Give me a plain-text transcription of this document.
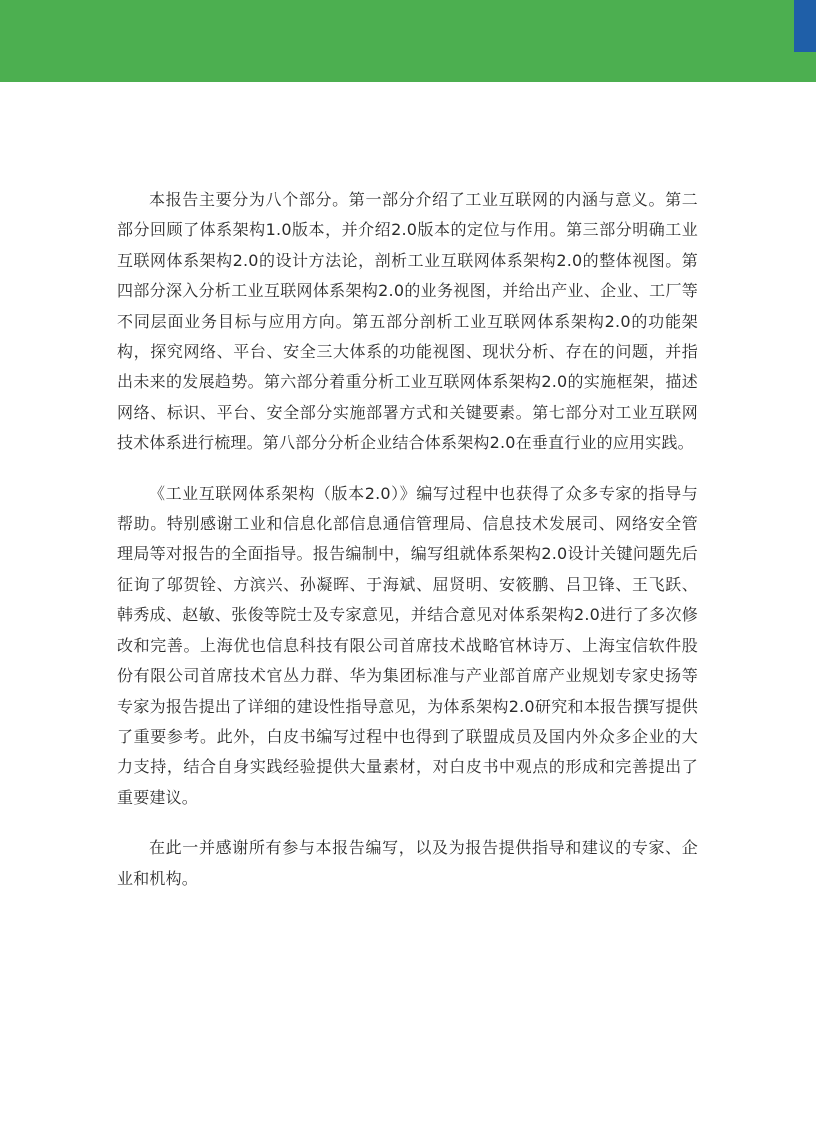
本报告主要分为八个部分。第一部分介绍了工业互联网的内涵与意义。第二部分回顾了体系架构1.0版本，并介绍2.0版本的定位与作用。第三部分明确工业互联网体系架构2.0的设计方法论，剖析工业互联网体系架构2.0的整体视图。第四部分深入分析工业互联网体系架构2.0的业务视图，并给出产业、企业、工厂等不同层面业务目标与应用方向。第五部分剖析工业互联网体系架构2.0的功能架构，探究网络、平台、安全三大体系的功能视图、现状分析、存在的问题，并指出未来的发展趋势。第六部分着重分析工业互联网体系架构2.0的实施框架，描述网络、标识、平台、安全部分实施部署方式和关键要素。第七部分对工业互联网技术体系进行梳理。第八部分分析企业结合体系架构2.0在垂直行业的应用实践。

《工业互联网体系架构（版本2.0）》编写过程中也获得了众多专家的指导与帮助。特别感谢工业和信息化部信息通信管理局、信息技术发展司、网络安全管理局等对报告的全面指导。报告编制中，编写组就体系架构2.0设计关键问题先后征询了邬贺铨、方滨兴、孙凝晖、于海斌、屈贤明、安筱鹏、吕卫锋、王飞跃、韩秀成、赵敏、张俊等院士及专家意见，并结合意见对体系架构2.0进行了多次修改和完善。上海优也信息科技有限公司首席技术战略官林诗万、上海宝信软件股份有限公司首席技术官丛力群、华为集团标准与产业部首席产业规划专家史扬等专家为报告提出了详细的建设性指导意见，为体系架构2.0研究和本报告撰写提供了重要参考。此外，白皮书编写过程中也得到了联盟成员及国内外众多企业的大力支持，结合自身实践经验提供大量素材，对白皮书中观点的形成和完善提出了重要建议。

在此一并感谢所有参与本报告编写，以及为报告提供指导和建议的专家、企业和机构。
